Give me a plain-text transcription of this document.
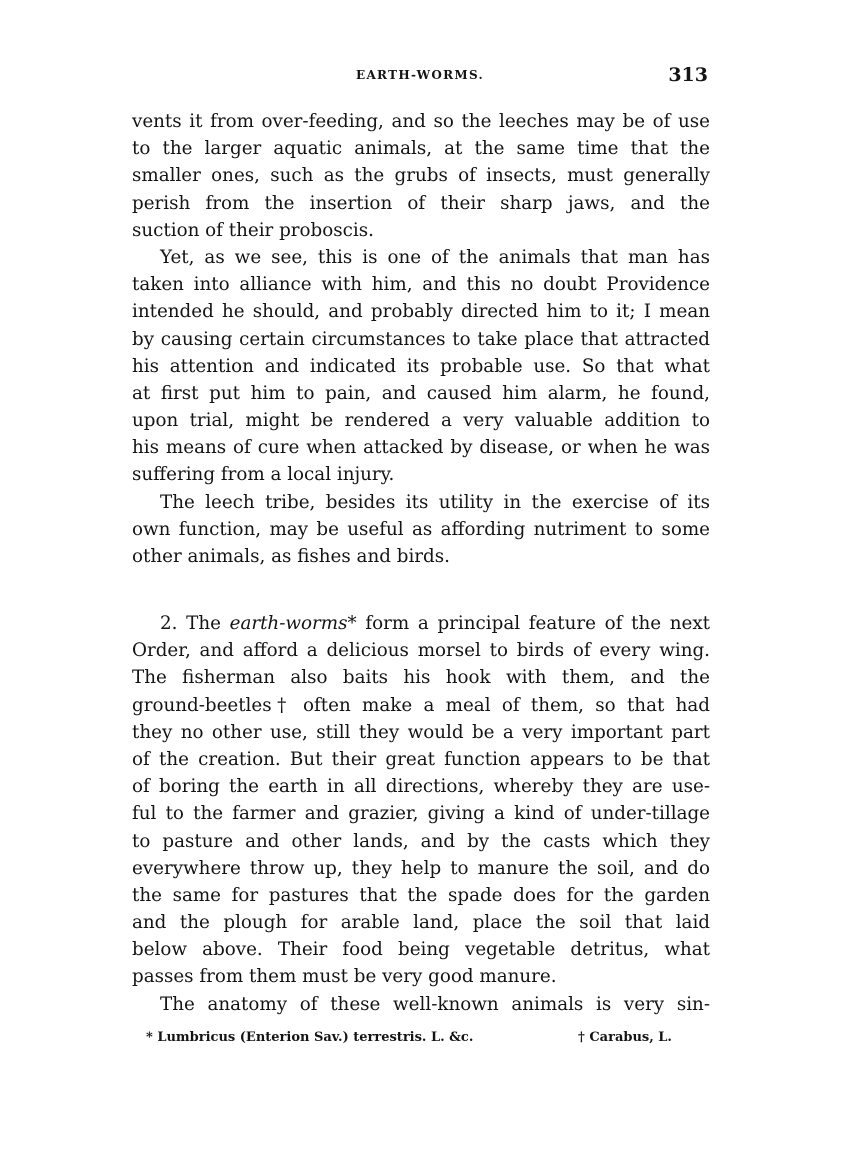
EARTH-WORMS.	313
vents it from over-feeding, and so the leeches may be of use
to the larger aquatic animals, at the same time that the
smaller ones, such as the grubs of insects, must generally
perish from the insertion of their sharp jaws, and the
suction of their proboscis.
Yet, as we see, this is one of the animals that man has
taken into alliance with him, and this no doubt Providence
intended he should, and probably directed him to it; I mean
by causing certain circumstances to take place that attracted
his attention and indicated its probable use. So that what
at first put him to pain, and caused him alarm, he found,
upon trial, might be rendered a very valuable addition to
his means of cure when attacked by disease, or when he was
suffering from a local injury.
The leech tribe, besides its utility in the exercise of its
own function, may be useful as affording nutriment to some
other animals, as fishes and birds.
2. The earth-worms* form a principal feature of the next
Order, and afford a delicious morsel to birds of every wing.
The fisherman also baits his hook with them, and the
ground-beetles† often make a meal of them, so that had
they no other use, still they would be a very important part
of the creation. But their great function appears to be that
of boring the earth in all directions, whereby they are use-
ful to the farmer and grazier, giving a kind of under-tillage
to pasture and other lands, and by the casts which they
everywhere throw up, they help to manure the soil, and do
the same for pastures that the spade does for the garden
and the plough for arable land, place the soil that laid
below above. Their food being vegetable detritus, what
passes from them must be very good manure.
The anatomy of these well-known animals is very sin-
* Lumbricus (Enterion Sav.) terrestris. L. &c.	† Carabus, L.
